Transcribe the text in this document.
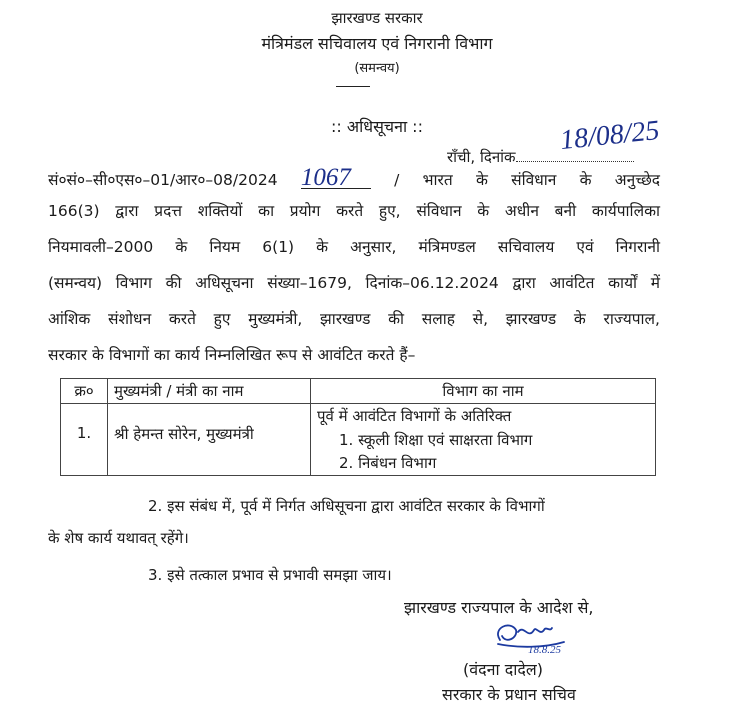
झारखण्ड सरकार
मंत्रिमंडल सचिवालय एवं निगरानी विभाग
(समन्वय)
:: अधिसूचना ::
राँची, दिनांक
18/08/25
सं०सं०–सी०एस०–01/आर०–08/2024 1067	/ भारत के संविधान के अनुच्छेद
166(3) द्वारा प्रदत्त शक्तियों का प्रयोग करते हुए, संविधान के अधीन बनी कार्यपालिका
नियमावली–2000 के नियम 6(1) के अनुसार, मंत्रिमण्डल सचिवालय एवं निगरानी
(समन्वय) विभाग की अधिसूचना संख्या–1679, दिनांक–06.12.2024 द्वारा आवंटित कार्यों में
आंशिक संशोधन करते हुए मुख्यमंत्री, झारखण्ड की सलाह से, झारखण्ड के राज्यपाल,
सरकार के विभागों का कार्य निम्नलिखित रूप से आवंटित करते हैं–
क्र०	मुख्यमंत्री / मंत्री का नाम	विभाग का नाम
1.	श्री हेमन्त सोरेन, मुख्यमंत्री	पूर्व में आवंटित विभागों के अतिरिक्त
1. स्कूली शिक्षा एवं साक्षरता विभाग
2. निबंधन विभाग
2. इस संबंध में, पूर्व में निर्गत अधिसूचना द्वारा आवंटित सरकार के विभागों
के शेष कार्य यथावत् रहेंगे।
3. इसे तत्काल प्रभाव से प्रभावी समझा जाय।
झारखण्ड राज्यपाल के आदेश से,
18.8.25
(वंदना दादेल)
सरकार के प्रधान सचिव
